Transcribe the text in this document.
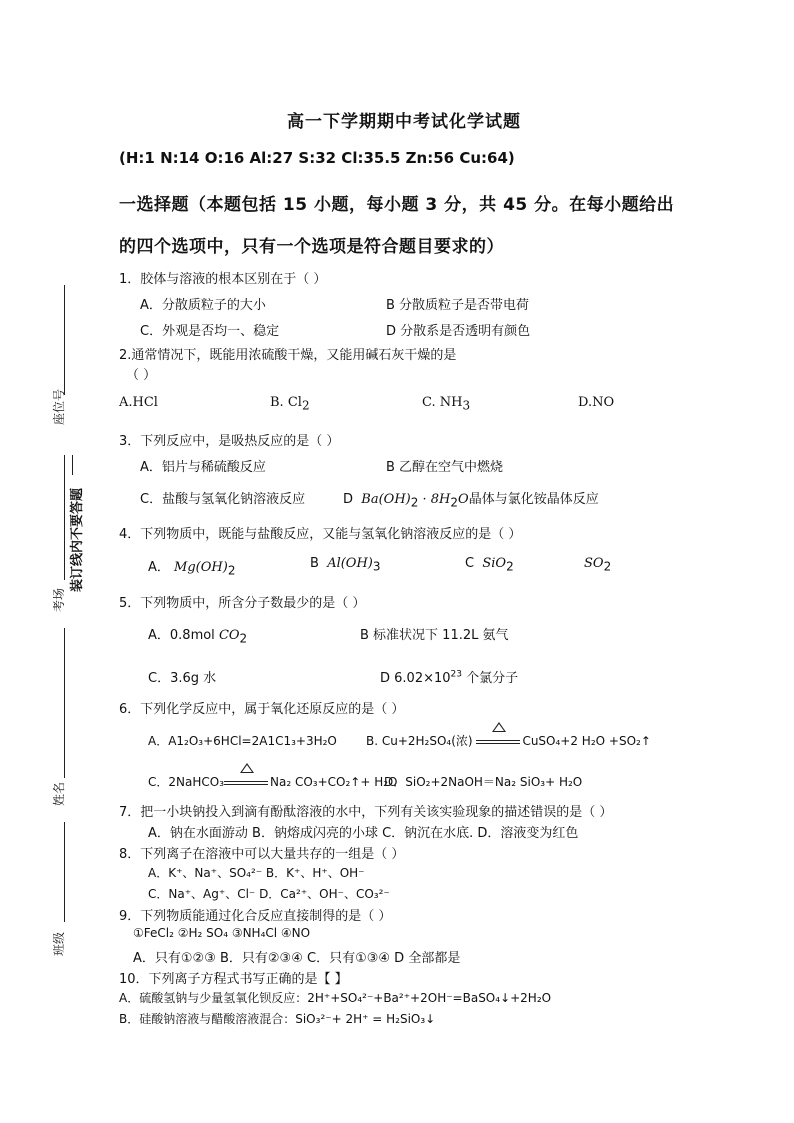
座位号
装订线内不要答题
考场
姓名
班级
高一下学期期中考试化学试题
(H:1 N:14 O:16 Al:27 S:32 Cl:35.5 Zn:56 Cu:64)
一选择题（本题包括 15 小题，每小题 3 分，共 45 分。在每小题给出
的四个选项中，只有一个选项是符合题目要求的）
1．胶体与溶液的根本区别在于（ ）
A．分散质粒子的大小	B 分散质粒子是否带电荷
C．外观是否均一、稳定	D 分散系是否透明有颜色
2.通常情况下，既能用浓硫酸干燥，又能用碱石灰干燥的是
（ ）
A.HCl	B. $Cl_2$	C. $NH_3$	D.NO
3．下列反应中，是吸热反应的是（ ）
A．铝片与稀硫酸反应	B 乙醇在空气中燃烧
C．盐酸与氢氧化钠溶液反应	D $Ba(OH)_2 \cdot 8H_2O$晶体与氯化铵晶体反应
4．下列物质中，既能与盐酸反应，又能与氢氧化钠溶液反应的是（ ）
A． $Mg(OH)_2$	B $Al(OH)_3$	C SiO$_2$	$SO_2$
5．下列物质中，所含分子数最少的是（ ）
A．0.8mol $CO_2$	B 标准状况下 11.2L 氨气
C．3.6g 水	D $6.02\times 10^{23}$ 个氯分子
6．下列化学反应中，属于氧化还原反应的是（ ）
A．A1₂O₃+6HCl=2A1C1₃+3H₂O B. Cu+2H₂SO₄(浓)	CuSO₄+2 H₂O +SO₂↑
C．2NaHCO₃	Na₂ CO₃+CO₂↑+ H₂O
D．SiO₂+2NaOH＝Na₂ SiO₃+ H₂O
7．把一小块钠投入到滴有酚酞溶液的水中，下列有关该实验现象的描述错误的是（ ）
A．钠在水面游动 B．钠熔成闪亮的小球 C．钠沉在水底. D．溶液变为红色
8．下列离子在溶液中可以大量共存的一组是（ ）
A．K⁺、Na⁺、SO₄²⁻ B．K⁺、H⁺、OH⁻
C．Na⁺、Ag⁺、Cl⁻ D．Ca²⁺、OH⁻、CO₃²⁻
9．下列物质能通过化合反应直接制得的是（ ）
①FeCl₂ ②H₂ SO₄ ③NH₄Cl ④NO
A．只有①②③ B．只有②③④ C．只有①③④ D 全部都是
10．下列离子方程式书写正确的是【 】
A．硫酸氢钠与少量氢氧化钡反应：2H⁺+SO₄²⁻+Ba²⁺+2OH⁻=BaSO₄↓+2H₂O
B．硅酸钠溶液与醋酸溶液混合：SiO₃²⁻+ 2H⁺ = H₂SiO₃↓
